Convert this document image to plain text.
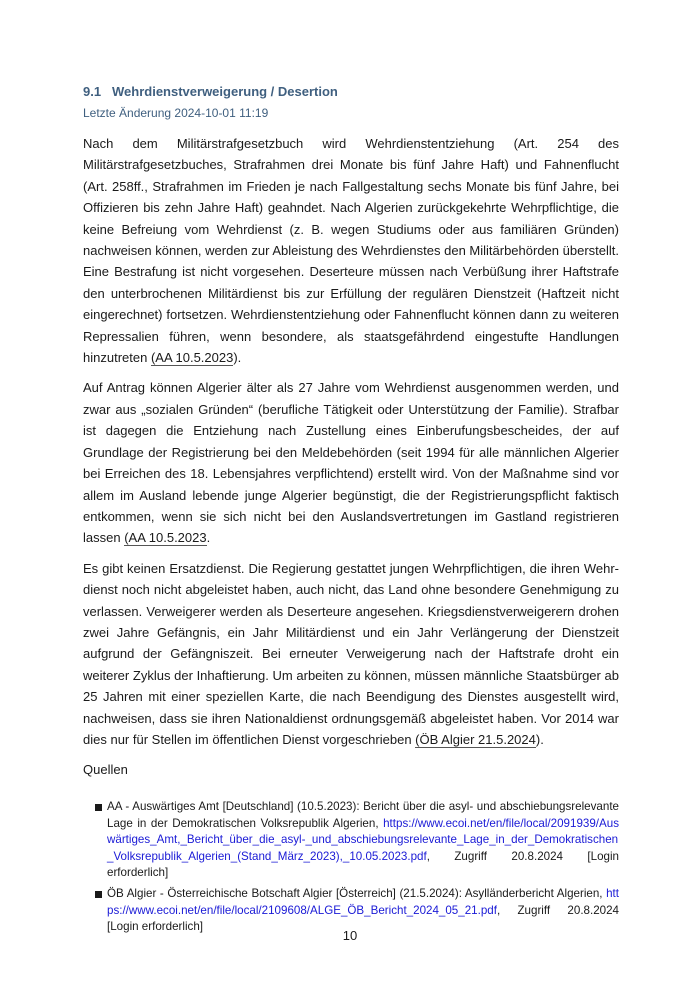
9.1 Wehrdienstverweigerung / Desertion

Letzte Änderung 2024-10-01 11:19

Nach dem Militärstrafgesetzbuch wird Wehrdienstentziehung (Art. 254 des Militärstrafgesetzbuches, Strafrahmen drei Monate bis fünf Jahre Haft) und Fahnenflucht (Art. 258ff., Strafrahmen im Frieden je nach Fallgestaltung sechs Monate bis fünf Jahre, bei Offizieren bis zehn Jahre Haft) geahndet. Nach Algerien zurückgekehrte Wehrpflichtige, die keine Befreiung vom Wehrdienst (z. B. wegen Studiums oder aus familiären Gründen) nachweisen können, werden zur Ableistung des Wehrdienstes den Militärbehörden überstellt. Eine Bestrafung ist nicht vorgesehen. Deserteure müssen nach Verbüßung ihrer Haftstrafe den unterbrochenen Militärdienst bis zur Erfüllung der regulären Dienstzeit (Haftzeit nicht eingerechnet) fortsetzen. Wehrdienstentziehung oder Fahnenflucht können dann zu weiteren Repressalien führen, wenn besondere, als staatsgefährdend eingestufte Handlungen hinzutreten (AA 10.5.2023).

Auf Antrag können Algerier älter als 27 Jahre vom Wehrdienst ausgenommen werden, und zwar aus „sozialen Gründen“ (berufliche Tätigkeit oder Unterstützung der Familie). Strafbar ist dagegen die Entziehung nach Zustellung eines Einberufungsbescheides, der auf Grundlage der Registrierung bei den Meldebehörden (seit 1994 für alle männlichen Algerier bei Erreichen des 18. Lebensjahres verpflichtend) erstellt wird. Von der Maßnahme sind vor allem im Ausland lebende junge Algerier begünstigt, die der Registrierungspflicht faktisch entkommen, wenn sie sich nicht bei den Auslandsvertretungen im Gastland registrieren lassen (AA 10.5.2023.

Es gibt keinen Ersatzdienst. Die Regierung gestattet jungen Wehrpflichtigen, die ihren Wehrdienst noch nicht abgeleistet haben, auch nicht, das Land ohne besondere Genehmigung zu verlassen. Verweigerer werden als Deserteure angesehen. Kriegsdienstverweigerern drohen zwei Jahre Gefängnis, ein Jahr Militärdienst und ein Jahr Verlängerung der Dienstzeit aufgrund der Gefängniszeit. Bei erneuter Verweigerung nach der Haftstrafe droht ein weiterer Zyklus der Inhaftierung. Um arbeiten zu können, müssen männliche Staatsbürger ab 25 Jahren mit einer speziellen Karte, die nach Beendigung des Dienstes ausgestellt wird, nachweisen, dass sie ihren Nationaldienst ordnungsgemäß abgeleistet haben. Vor 2014 war dies nur für Stellen im öffentlichen Dienst vorgeschrieben (ÖB Algier 21.5.2024).

Quellen

AA - Auswärtiges Amt [Deutschland] (10.5.2023): Bericht über die asyl- und abschiebungsrelevante Lage in der Demokratischen Volksrepublik Algerien, https://www.ecoi.net/en/file/local/2091939/Auswärtiges_Amt,_Bericht_über_die_asyl-_und_abschiebungsrelevante_Lage_in_der_Demokratischen_Volksrepublik_Algerien_(Stand_März_2023),_10.05.2023.pdf, Zugriff 20.8.2024 [Login erforderlich]
ÖB Algier - Österreichische Botschaft Algier [Österreich] (21.5.2024): Asylländerbericht Algerien, https://www.ecoi.net/en/file/local/2109608/ALGE_ÖB_Bericht_2024_05_21.pdf, Zugriff 20.8.2024 [Login erforderlich]
10
